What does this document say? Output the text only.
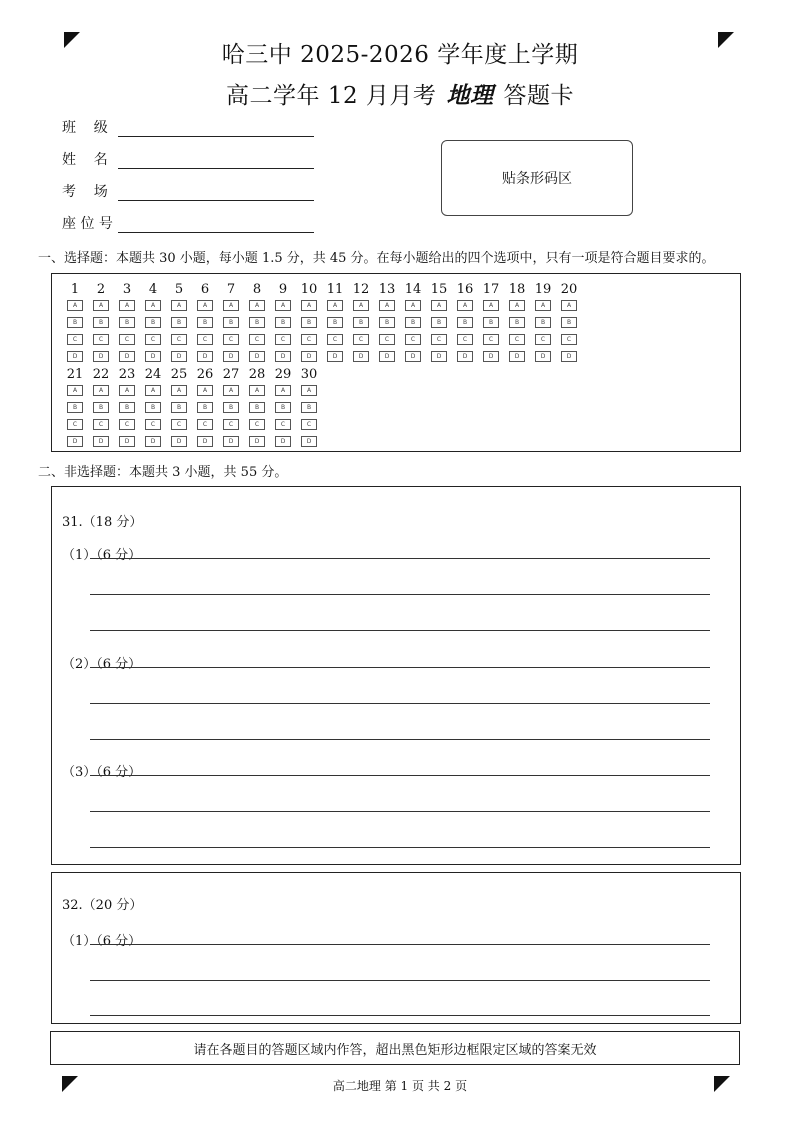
哈三中 2025-2026 学年度上学期
高二学年 12 月月考 地理 答题卡
班    级
姓    名
考    场
座 位 号
贴条形码区
一、选择题：本题共 30 小题，每小题 1.5 分，共 45 分。在每小题给出的四个选项中，只有一项是符合题目要求的。
1
A
B
C
D
2
A
B
C
D
3
A
B
C
D
4
A
B
C
D
5
A
B
C
D
6
A
B
C
D
7
A
B
C
D
8
A
B
C
D
9
A
B
C
D
10
A
B
C
D
11
A
B
C
D
12
A
B
C
D
13
A
B
C
D
14
A
B
C
D
15
A
B
C
D
16
A
B
C
D
17
A
B
C
D
18
A
B
C
D
19
A
B
C
D
20
A
B
C
D
21
A
B
C
D
22
A
B
C
D
23
A
B
C
D
24
A
B
C
D
25
A
B
C
D
26
A
B
C
D
27
A
B
C
D
28
A
B
C
D
29
A
B
C
D
30
A
B
C
D
二、非选择题：本题共 3 小题，共 55 分。
31.（18 分）
（1）（6 分）
（2）（6 分）
（3）（6 分）
32.（20 分）
（1）（6 分）
请在各题目的答题区域内作答，超出黑色矩形边框限定区域的答案无效
高二地理 第 1 页 共 2 页
